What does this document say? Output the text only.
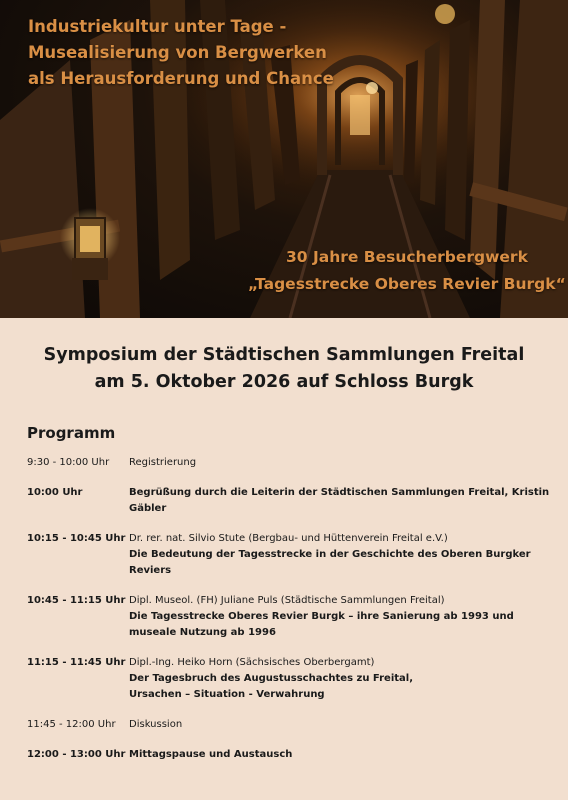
Industriekultur unter Tage -
Musealisierung von Bergwerken
als Herausforderung und Chance
30 Jahre Besucherbergwerk
„Tagesstrecke Oberes Revier Burgk“
Symposium der Städtischen Sammlungen Freital
am 5. Oktober 2026 auf Schloss Burgk
Programm
9:30 - 10:00 Uhr	Registrierung
10:00 Uhr	Begrüßung durch die Leiterin der Städtischen Sammlungen Freital, Kristin Gäbler
10:15 - 10:45 Uhr Dr. rer. nat. Silvio Stute (Bergbau- und Hüttenverein Freital e.V.)
Die Bedeutung der Tagesstrecke in der Geschichte des Oberen Burgker Reviers
10:45 - 11:15 Uhr Dipl. Museol. (FH) Juliane Puls (Städtische Sammlungen Freital)
Die Tagesstrecke Oberes Revier Burgk – ihre Sanierung ab 1993 und museale Nutzung ab 1996
11:15 - 11:45 Uhr Dipl.-Ing. Heiko Horn (Sächsisches Oberbergamt)
Der Tagesbruch des Augustusschachtes zu Freital,
Ursachen – Situation - Verwahrung
11:45 - 12:00 Uhr	Diskussion
12:00 - 13:00 Uhr Mittagspause und Austausch
